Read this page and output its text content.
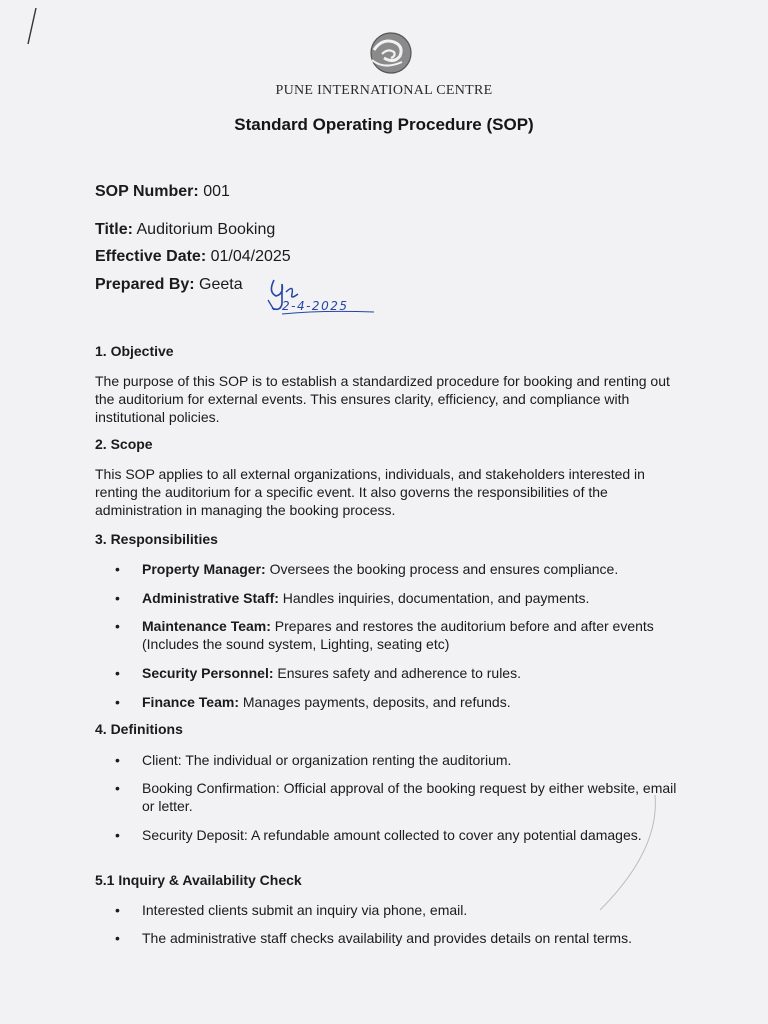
PUNE INTERNATIONAL CENTRE
Standard Operating Procedure (SOP)
SOP Number: 001
Title: Auditorium Booking
Effective Date: 01/04/2025
Prepared By: Geeta
2-4-2025
1. Objective
The purpose of this SOP is to establish a standardized procedure for booking and renting out the auditorium for external events. This ensures clarity, efficiency, and compliance with institutional policies.
2. Scope
This SOP applies to all external organizations, individuals, and stakeholders interested in renting the auditorium for a specific event. It also governs the responsibilities of the administration in managing the booking process.
3. Responsibilities
• Property Manager: Oversees the booking process and ensures compliance.
• Administrative Staff: Handles inquiries, documentation, and payments.
• Maintenance Team: Prepares and restores the auditorium before and after events (Includes the sound system, Lighting, seating etc)
• Security Personnel: Ensures safety and adherence to rules.
• Finance Team: Manages payments, deposits, and refunds.
4. Definitions
• Client: The individual or organization renting the auditorium.
• Booking Confirmation: Official approval of the booking request by either website, email or letter.
• Security Deposit: A refundable amount collected to cover any potential damages.
5.1 Inquiry & Availability Check
• Interested clients submit an inquiry via phone, email.
• The administrative staff checks availability and provides details on rental terms.
